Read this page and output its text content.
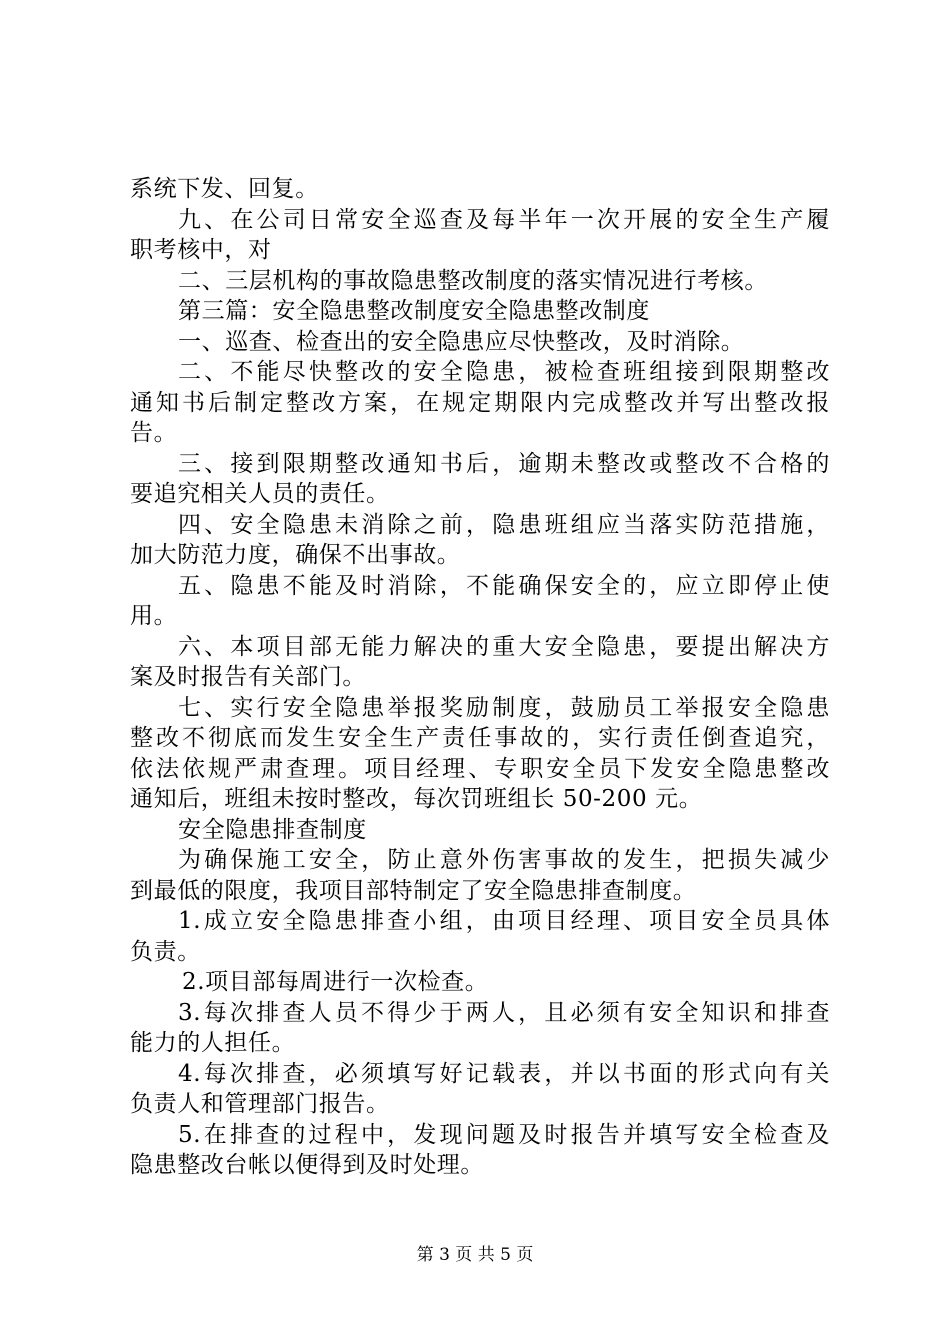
系统下发、回复。
九、在公司日常安全巡查及每半年一次开展的安全生产履
职考核中，对
二、三层机构的事故隐患整改制度的落实情况进行考核。
第三篇：安全隐患整改制度安全隐患整改制度
一、巡查、检查出的安全隐患应尽快整改，及时消除。
二、不能尽快整改的安全隐患，被检查班组接到限期整改
通知书后制定整改方案，在规定期限内完成整改并写出整改报
告。
三、接到限期整改通知书后，逾期未整改或整改不合格的
要追究相关人员的责任。
四、安全隐患未消除之前，隐患班组应当落实防范措施，
加大防范力度，确保不出事故。
五、隐患不能及时消除，不能确保安全的，应立即停止使
用。
六、本项目部无能力解决的重大安全隐患，要提出解决方
案及时报告有关部门。
七、实行安全隐患举报奖励制度，鼓励员工举报安全隐患
整改不彻底而发生安全生产责任事故的，实行责任倒查追究，
依法依规严肃查理。项目经理、专职安全员下发安全隐患整改
通知后，班组未按时整改，每次罚班组长 50-200 元。
安全隐患排查制度
为确保施工安全，防止意外伤害事故的发生，把损失减少
到最低的限度，我项目部特制定了安全隐患排查制度。
1.成立安全隐患排查小组，由项目经理、项目安全员具体
负责。
2.项目部每周进行一次检查。
3.每次排查人员不得少于两人，且必须有安全知识和排查
能力的人担任。
4.每次排查，必须填写好记载表，并以书面的形式向有关
负责人和管理部门报告。
5.在排查的过程中，发现问题及时报告并填写安全检查及
隐患整改台帐以便得到及时处理。
第 3 页 共 5 页
